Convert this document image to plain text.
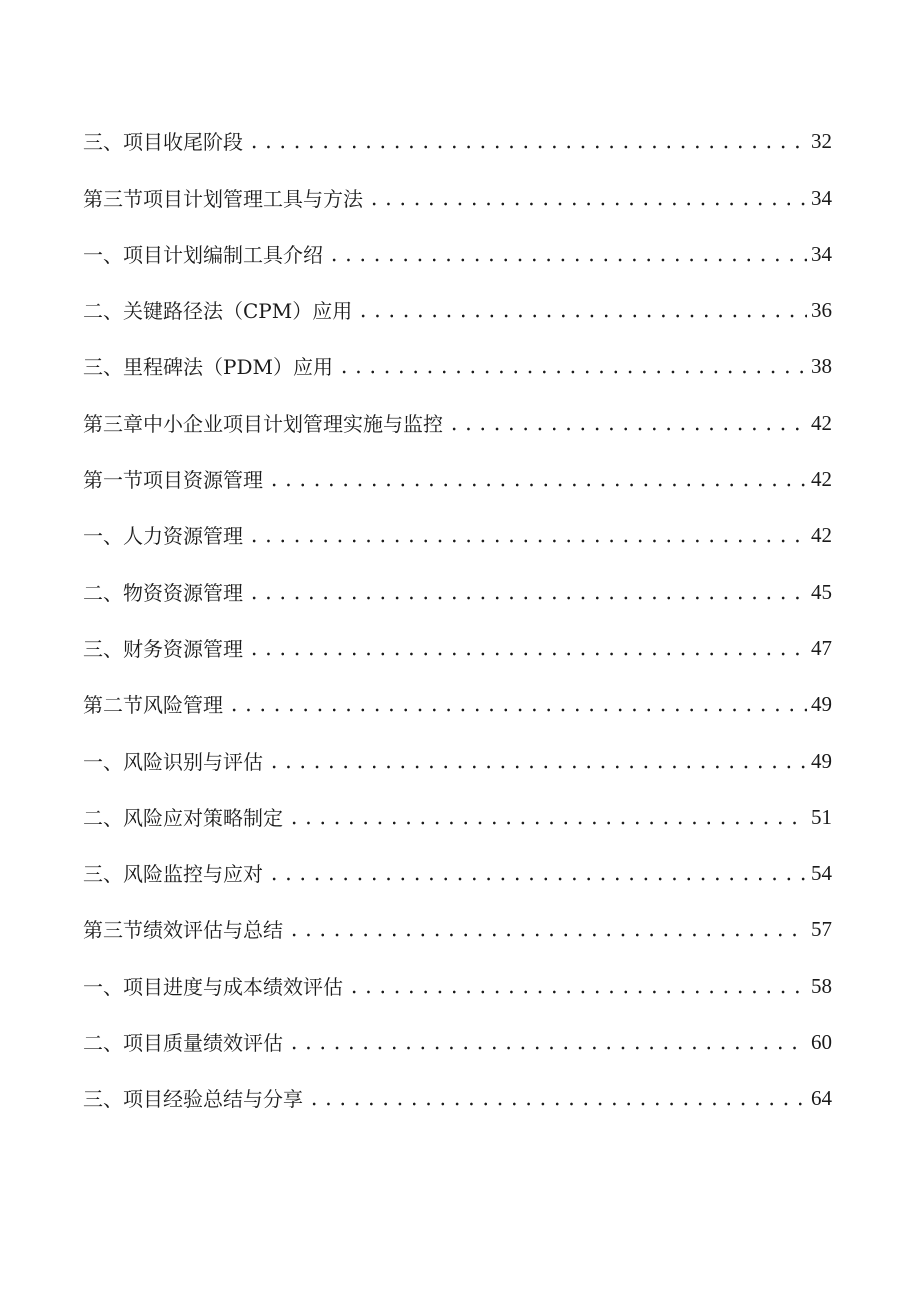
三、项目收尾阶段	32
第三节项目计划管理工具与方法	34
一、项目计划编制工具介绍	34
二、关键路径法（CPM）应用	36
三、里程碑法（PDM）应用	38
第三章中小企业项目计划管理实施与监控	42
第一节项目资源管理	42
一、人力资源管理	42
二、物资资源管理	45
三、财务资源管理	47
第二节风险管理	49
一、风险识别与评估	49
二、风险应对策略制定	51
三、风险监控与应对	54
第三节绩效评估与总结	57
一、项目进度与成本绩效评估	58
二、项目质量绩效评估	60
三、项目经验总结与分享	64
